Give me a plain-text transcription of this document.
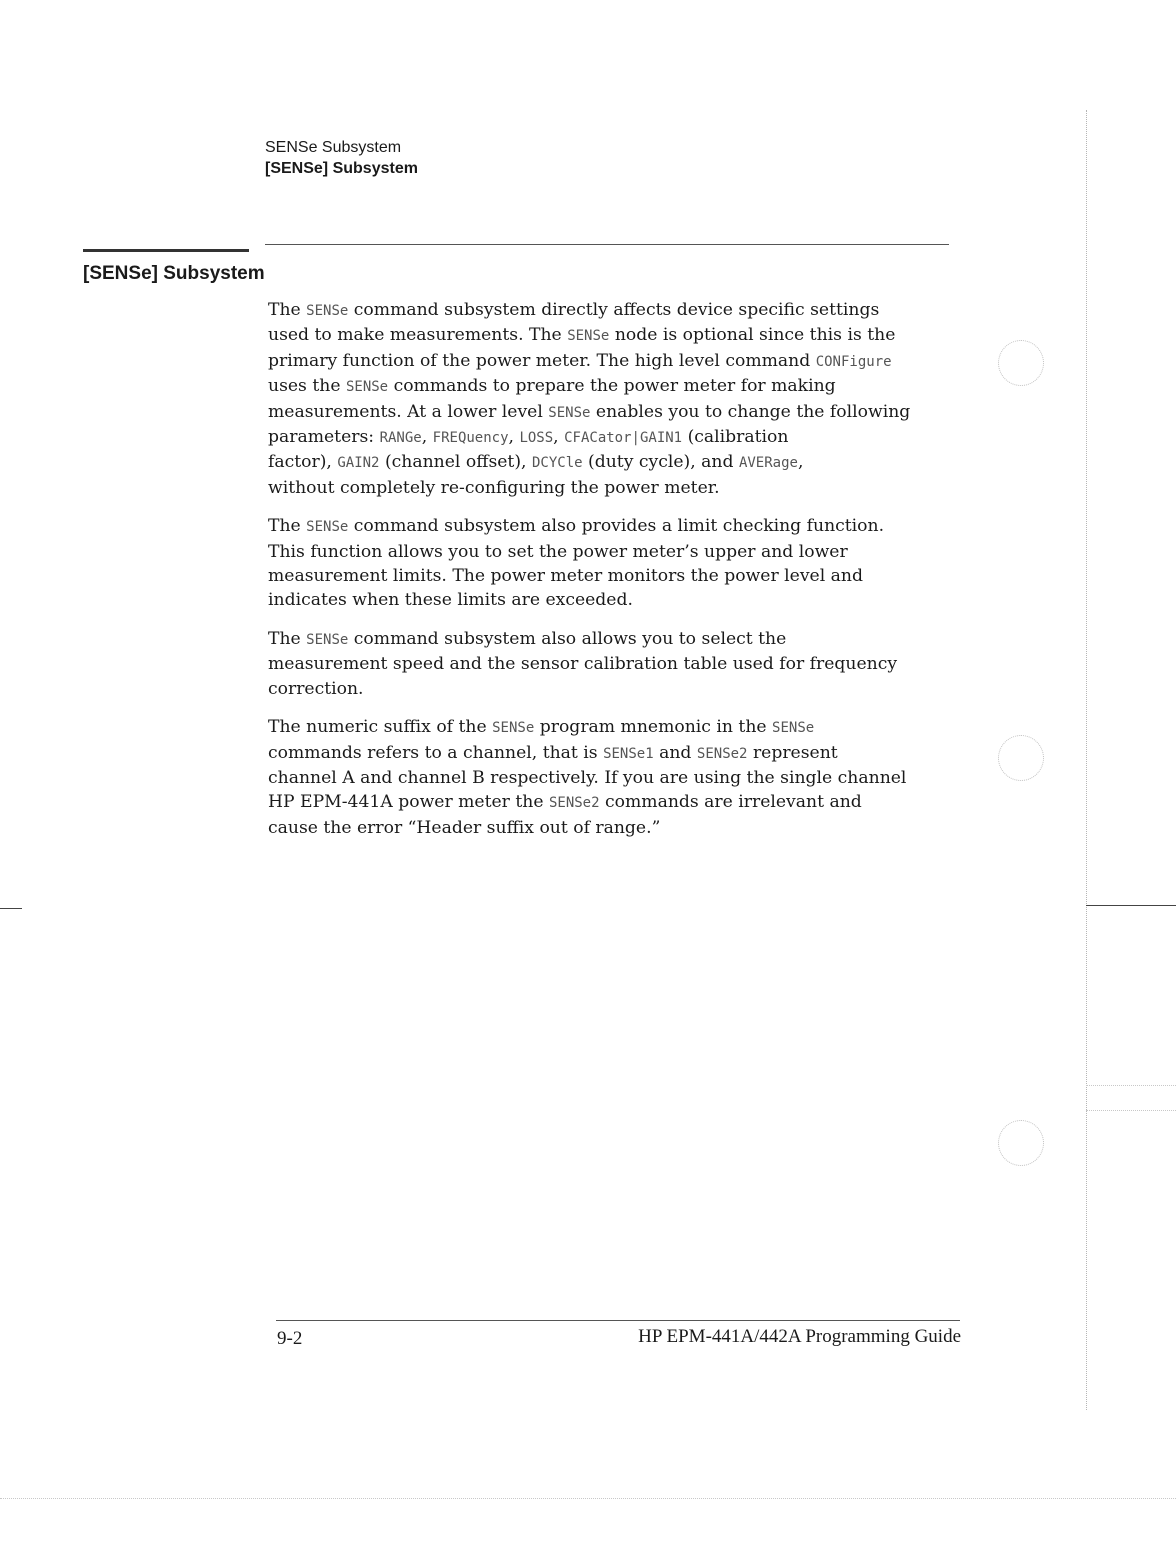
SENSe Subsystem
[SENSe] Subsystem
[SENSe] Subsystem

The SENSe command subsystem directly affects device specific settings
used to make measurements. The SENSe node is optional since this is the
primary function of the power meter. The high level command CONFigure
uses the SENSe commands to prepare the power meter for making
measurements. At a lower level SENSe enables you to change the following
parameters: RANGe, FREQuency, LOSS, CFACator|GAIN1 (calibration
factor), GAIN2 (channel offset), DCYCle (duty cycle), and AVERage,
without completely re-configuring the power meter.

The SENSe command subsystem also provides a limit checking function.
This function allows you to set the power meter’s upper and lower
measurement limits. The power meter monitors the power level and
indicates when these limits are exceeded.

The SENSe command subsystem also allows you to select the
measurement speed and the sensor calibration table used for frequency
correction.

The numeric suffix of the SENSe program mnemonic in the SENSe
commands refers to a channel, that is SENSe1 and SENSe2 represent
channel A and channel B respectively. If you are using the single channel
HP EPM-441A power meter the SENSe2 commands are irrelevant and
cause the error “Header suffix out of range.”

9-2	HP EPM-441A/442A Programming Guide
